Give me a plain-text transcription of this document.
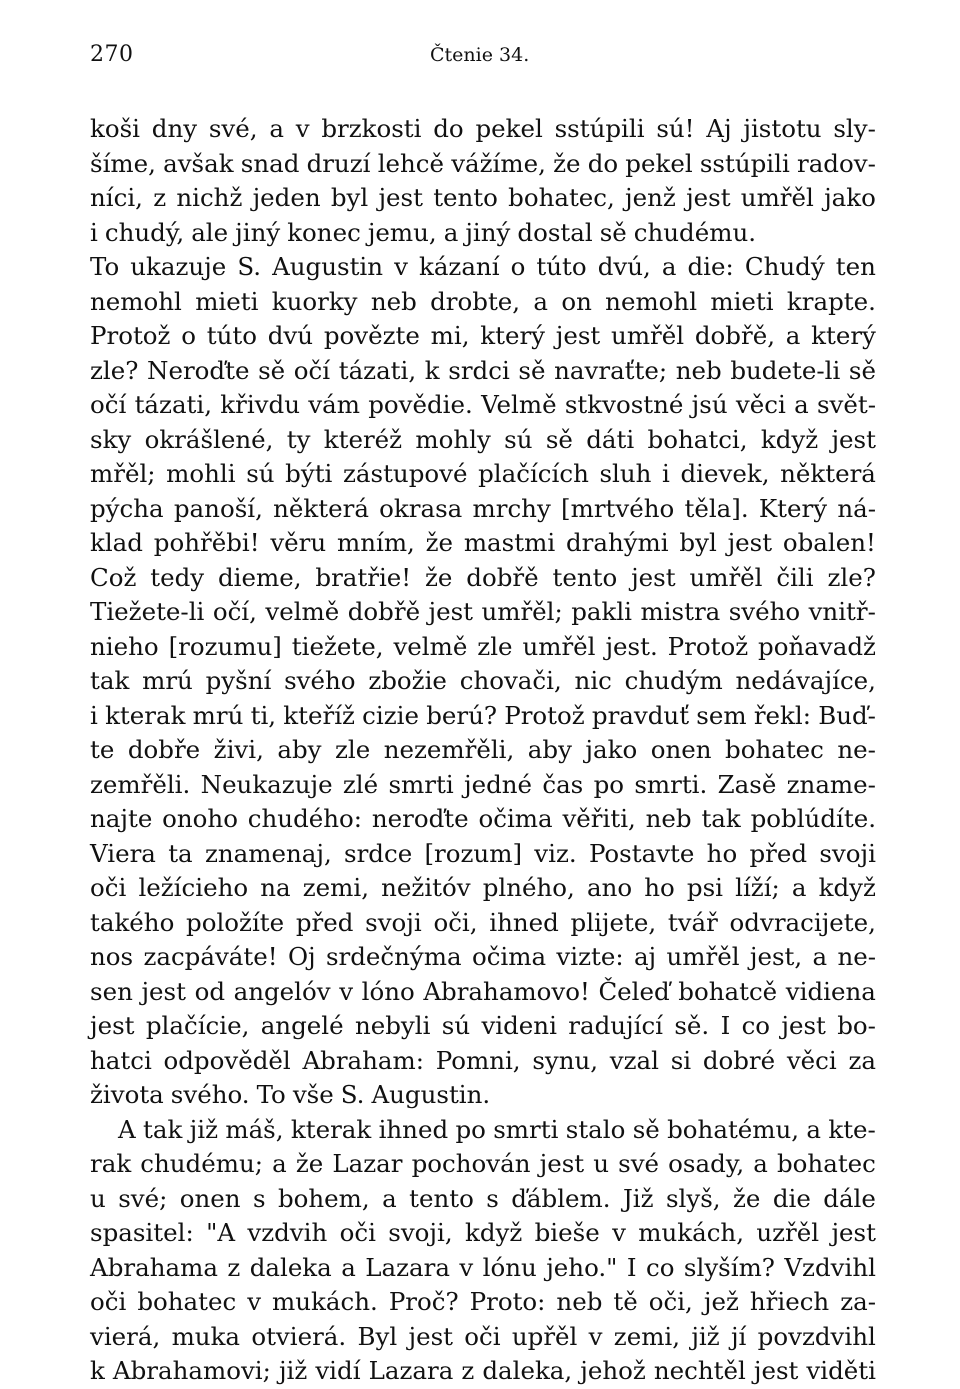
270	Čtenie 34.
koši dny své, a v brzkosti do pekel sstúpili sú! Aj jistotu sly-
šíme, avšak snad druzí lehcě vážíme, že do pekel sstúpili radov-
níci, z nichž jeden byl jest tento bohatec, jenž jest umřěl jako
i chudý, ale jiný konec jemu, a jiný dostal sě chudému.
To ukazuje S. Augustin v kázaní o túto dvú, a die: Chudý ten
nemohl mieti kuorky neb drobte, a on nemohl mieti krapte.
Protož o túto dvú povězte mi, který jest umřěl dobřě, a který
zle? Neroďte sě očí tázati, k srdci sě navraťte; neb budete-li sě
očí tázati, křivdu vám povědie. Velmě stkvostné jsú věci a svět-
sky okrášlené, ty kteréž mohly sú sě dáti bohatci, když jest
mřěl; mohli sú býti zástupové plačících sluh i dievek, některá
pýcha panoší, některá okrasa mrchy [mrtvého těla]. Který ná-
klad pohřěbi! věru mním, že mastmi drahými byl jest obalen!
Což tedy dieme, bratřie! že dobřě tento jest umřěl čili zle?
Tiežete-li očí, velmě dobřě jest umřěl; pakli mistra svého vnitř-
nieho [rozumu] tiežete, velmě zle umřěl jest. Protož poňavadž
tak mrú pyšní svého zbožie chovači, nic chudým nedávajíce,
i kterak mrú ti, kteříž cizie berú? Protož pravduť sem řekl: Buď-
te dobře živi, aby zle nezemřěli, aby jako onen bohatec ne-
zemřěli. Neukazuje zlé smrti jedné čas po smrti. Zasě zname-
najte onoho chudého: neroďte očima věřiti, neb tak poblúdíte.
Viera ta znamenaj, srdce [rozum] viz. Postavte ho před svoji
oči ležícieho na zemi, nežitóv plného, ano ho psi líží; a když
takého položíte před svoji oči, ihned plijete, tvář odvracijete,
nos zacpáváte! Oj srdečnýma očima vizte: aj umřěl jest, a ne-
sen jest od angelóv v lóno Abrahamovo! Čeleď bohatcě vidiena
jest plačície, angelé nebyli sú videni radující sě. I co jest bo-
hatci odpověděl Abraham: Pomni, synu, vzal si dobré věci za
života svého. To vše S. Augustin.
A tak již máš, kterak ihned po smrti stalo sě bohatému, a kte-
rak chudému; a že Lazar pochován jest u své osady, a bohatec
u své; onen s bohem, a tento s ďáblem. Již slyš, že die dále
spasitel: "A vzdvih oči svoji, když bieše v mukách, uzřěl jest
Abrahama z daleka a Lazara v lónu jeho." I co slyším? Vzdvihl
oči bohatec v mukách. Proč? Proto: neb tě oči, jež hřiech za-
vierá, muka otvierá. Byl jest oči upřěl v zemi, již jí povzdvihl
k Abrahamovi; již vidí Lazara z daleka, jehož nechtěl jest viděti
